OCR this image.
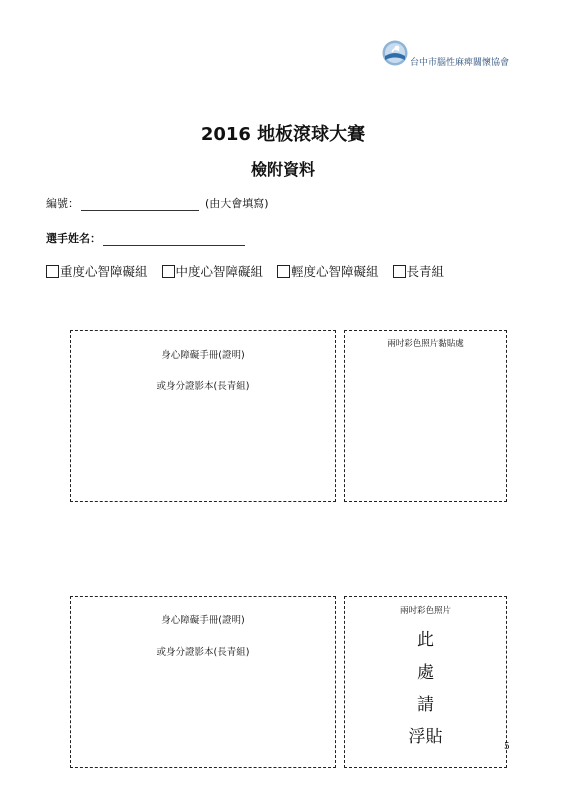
台中市腦性麻痺關懷協會
2016 地板滾球大賽
檢附資料
編號：	(由大會填寫)
選手姓名：
重度心智障礙組 中度心智障礙組 輕度心智障礙組 長青組
身心障礙手冊(證明)
或身分證影本(長青組)
兩吋彩色照片黏貼處
身心障礙手冊(證明)
或身分證影本(長青組)
兩吋彩色照片
此
處
請
浮貼	5
